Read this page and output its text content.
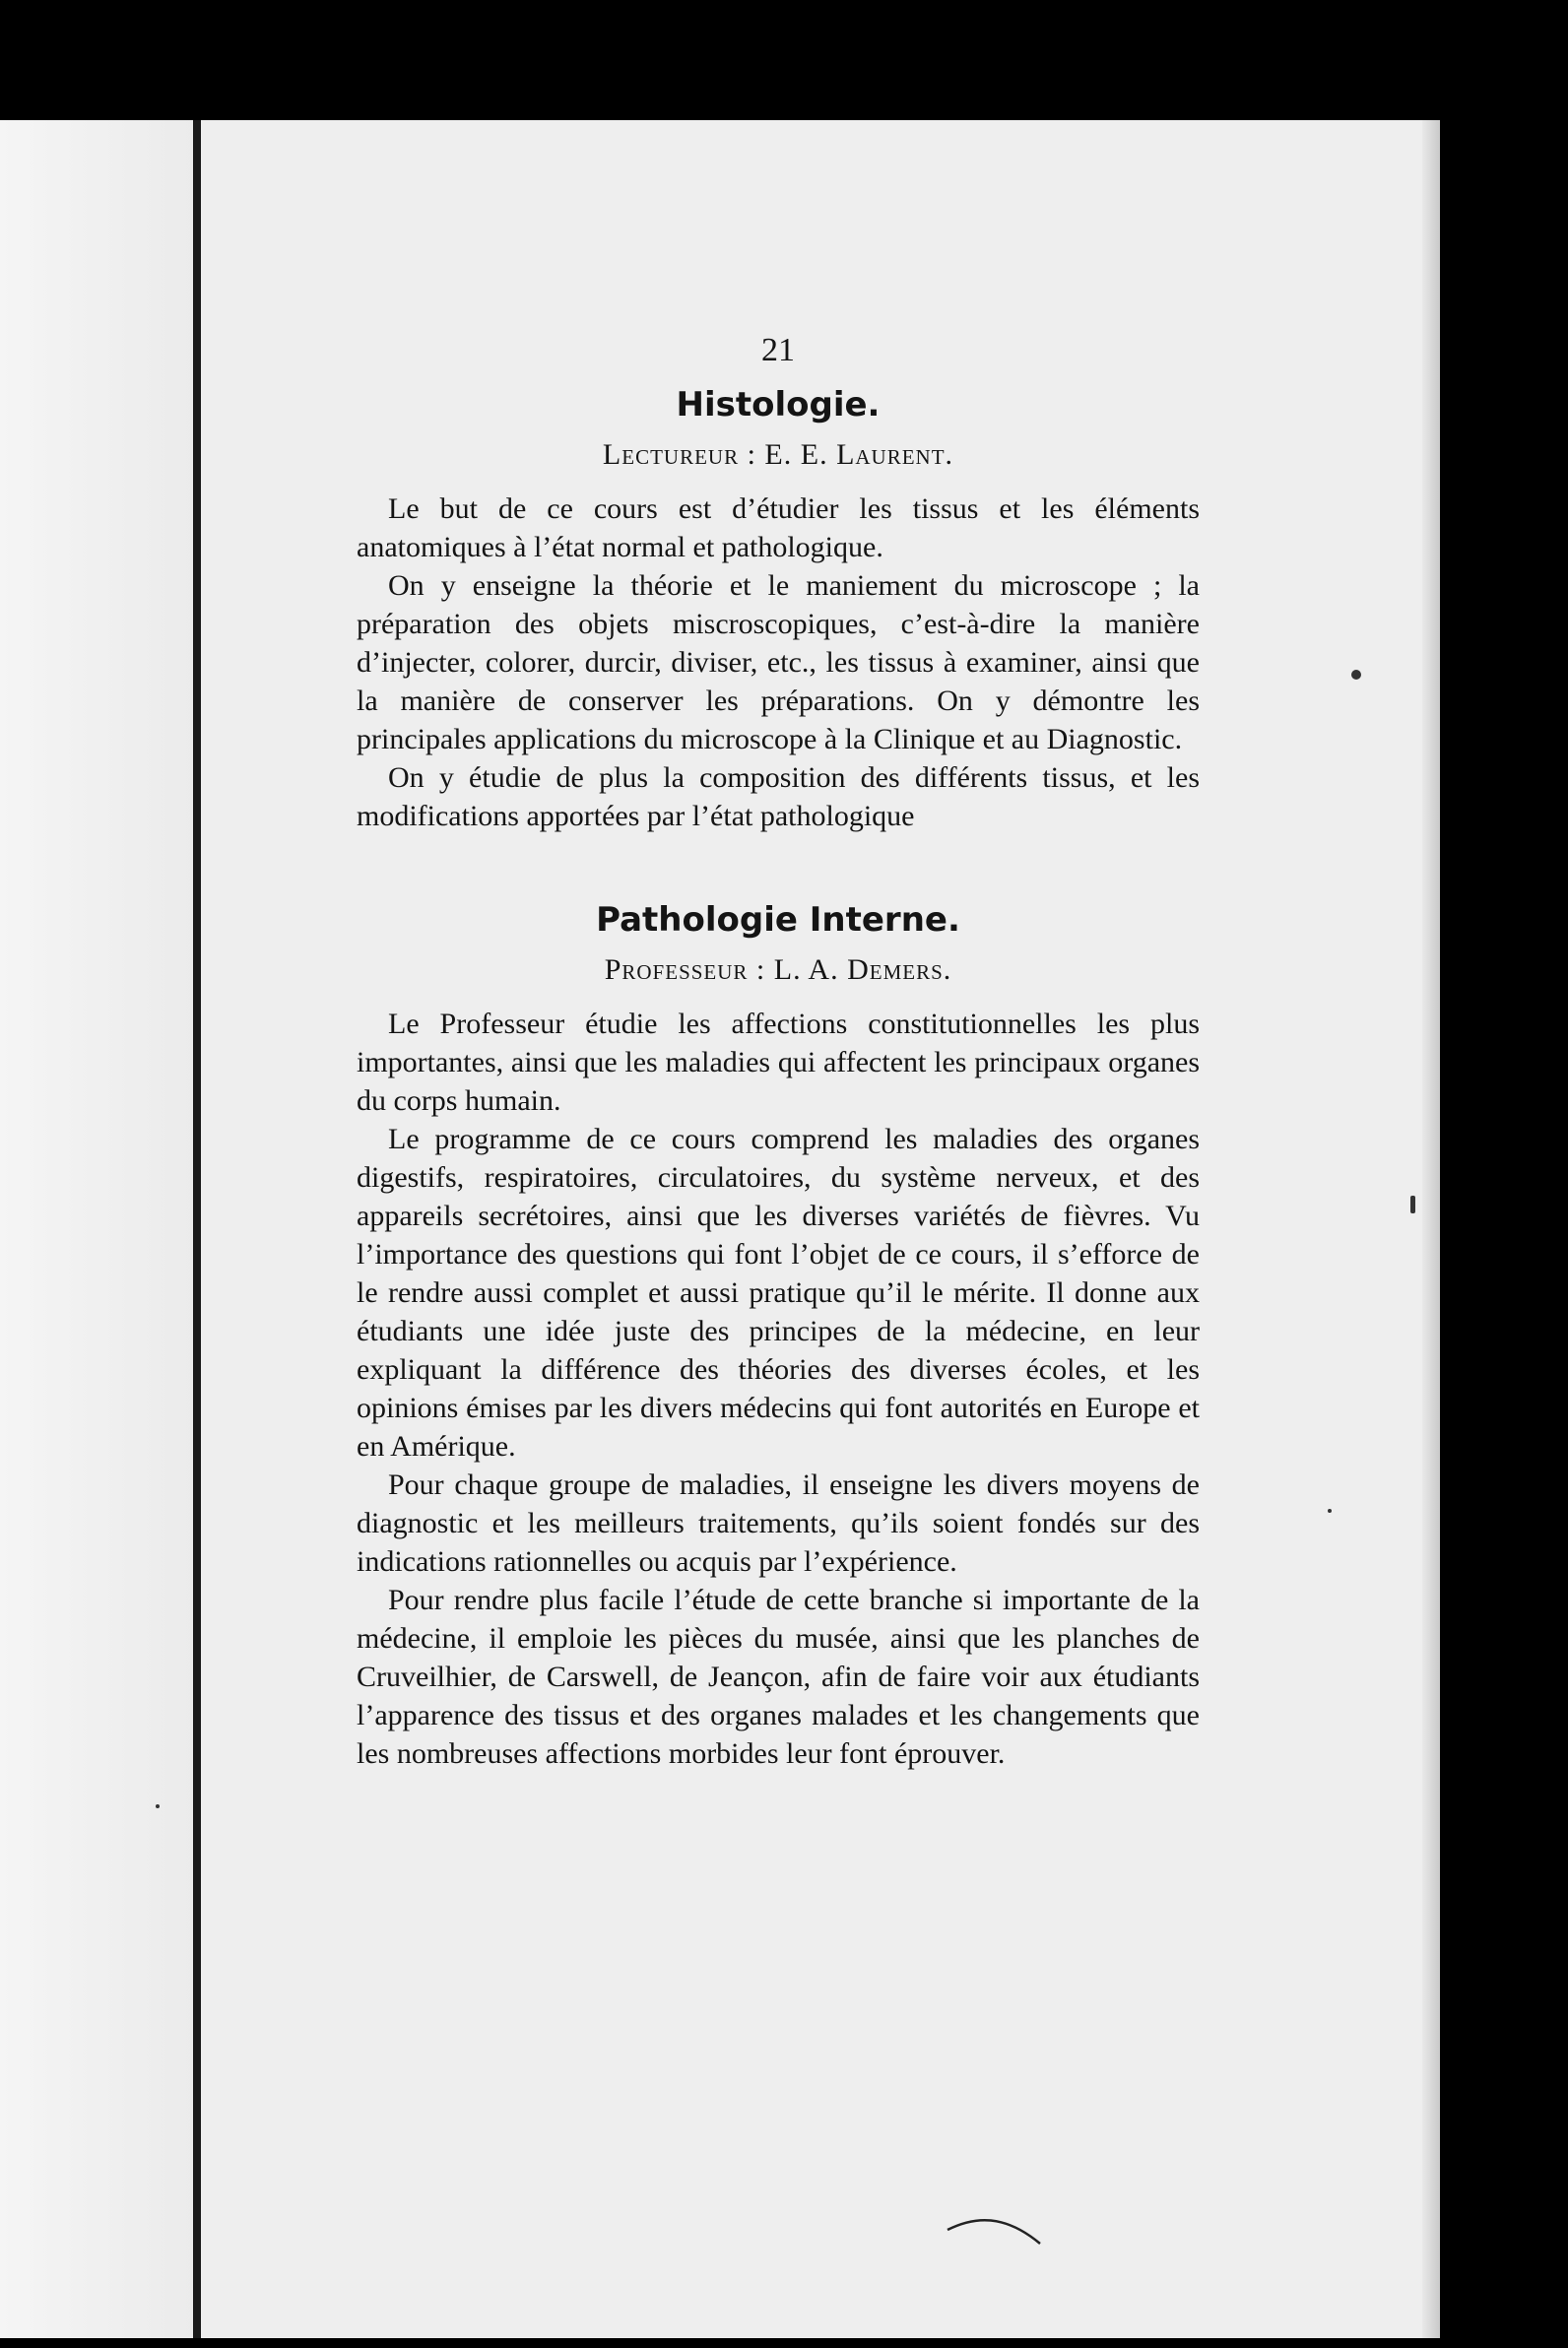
21
Histologie.
Lectureur : E. E. Laurent.

Le but de ce cours est d’étudier les tissus et les éléments anatomiques à l’état normal et pathologique.

On y enseigne la théorie et le maniement du microscope ; la préparation des objets miscroscopiques, c’est-à-dire la manière d’injecter, colorer, durcir, diviser, etc., les tissus à examiner, ainsi que la manière de conserver les préparations. On y démontre les principales applications du microscope à la Clinique et au Diagnostic.

On y étudie de plus la composition des différents tissus, et les modifications apportées par l’état pathologique

Pathologie Interne.
Professeur : L. A. Demers.

Le Professeur étudie les affections constitutionnelles les plus importantes, ainsi que les maladies qui affectent les principaux organes du corps humain.

Le programme de ce cours comprend les maladies des organes digestifs, respiratoires, circulatoires, du système nerveux, et des appareils secrétoires, ainsi que les diverses variétés de fièvres. Vu l’importance des questions qui font l’objet de ce cours, il s’efforce de le rendre aussi complet et aussi pratique qu’il le mérite. Il donne aux étudiants une idée juste des principes de la médecine, en leur expliquant la différence des théories des diverses écoles, et les opinions émises par les divers médecins qui font autorités en Europe et en Amérique.

Pour chaque groupe de maladies, il enseigne les divers moyens de diagnostic et les meilleurs traitements, qu’ils soient fondés sur des indications rationnelles ou acquis par l’expérience.

Pour rendre plus facile l’étude de cette branche si importante de la médecine, il emploie les pièces du musée, ainsi que les planches de Cruveilhier, de Carswell, de Jeançon, afin de faire voir aux étudiants l’apparence des tissus et des organes malades et les changements que les nombreuses affections morbides leur font éprouver.
